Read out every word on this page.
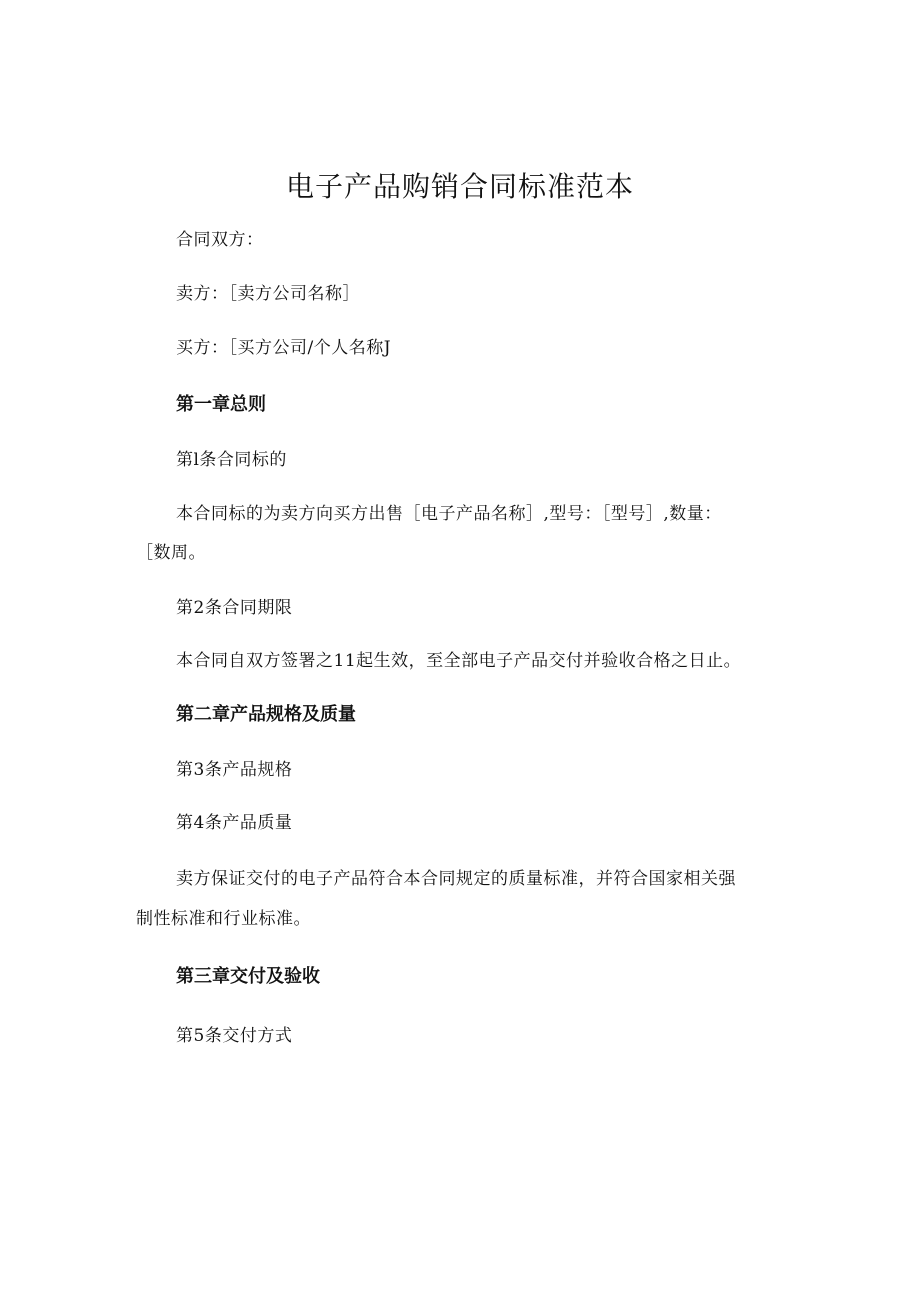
电子产品购销合同标准范本
合同双方：
卖方：［卖方公司名称］
买方：［买方公司/个人名称J
第一章总则
第l条合同标的
本合同标的为卖方向买方出售［电子产品名称］,型号：［型号］,数量：
［数周。
第2条合同期限
本合同自双方签署之11起生效，至全部电子产品交付并验收合格之日止。
第二章产品规格及质量
第3条产品规格
第4条产品质量
卖方保证交付的电子产品符合本合同规定的质量标准，并符合国家相关强
制性标准和行业标准。
第三章交付及验收
第5条交付方式
